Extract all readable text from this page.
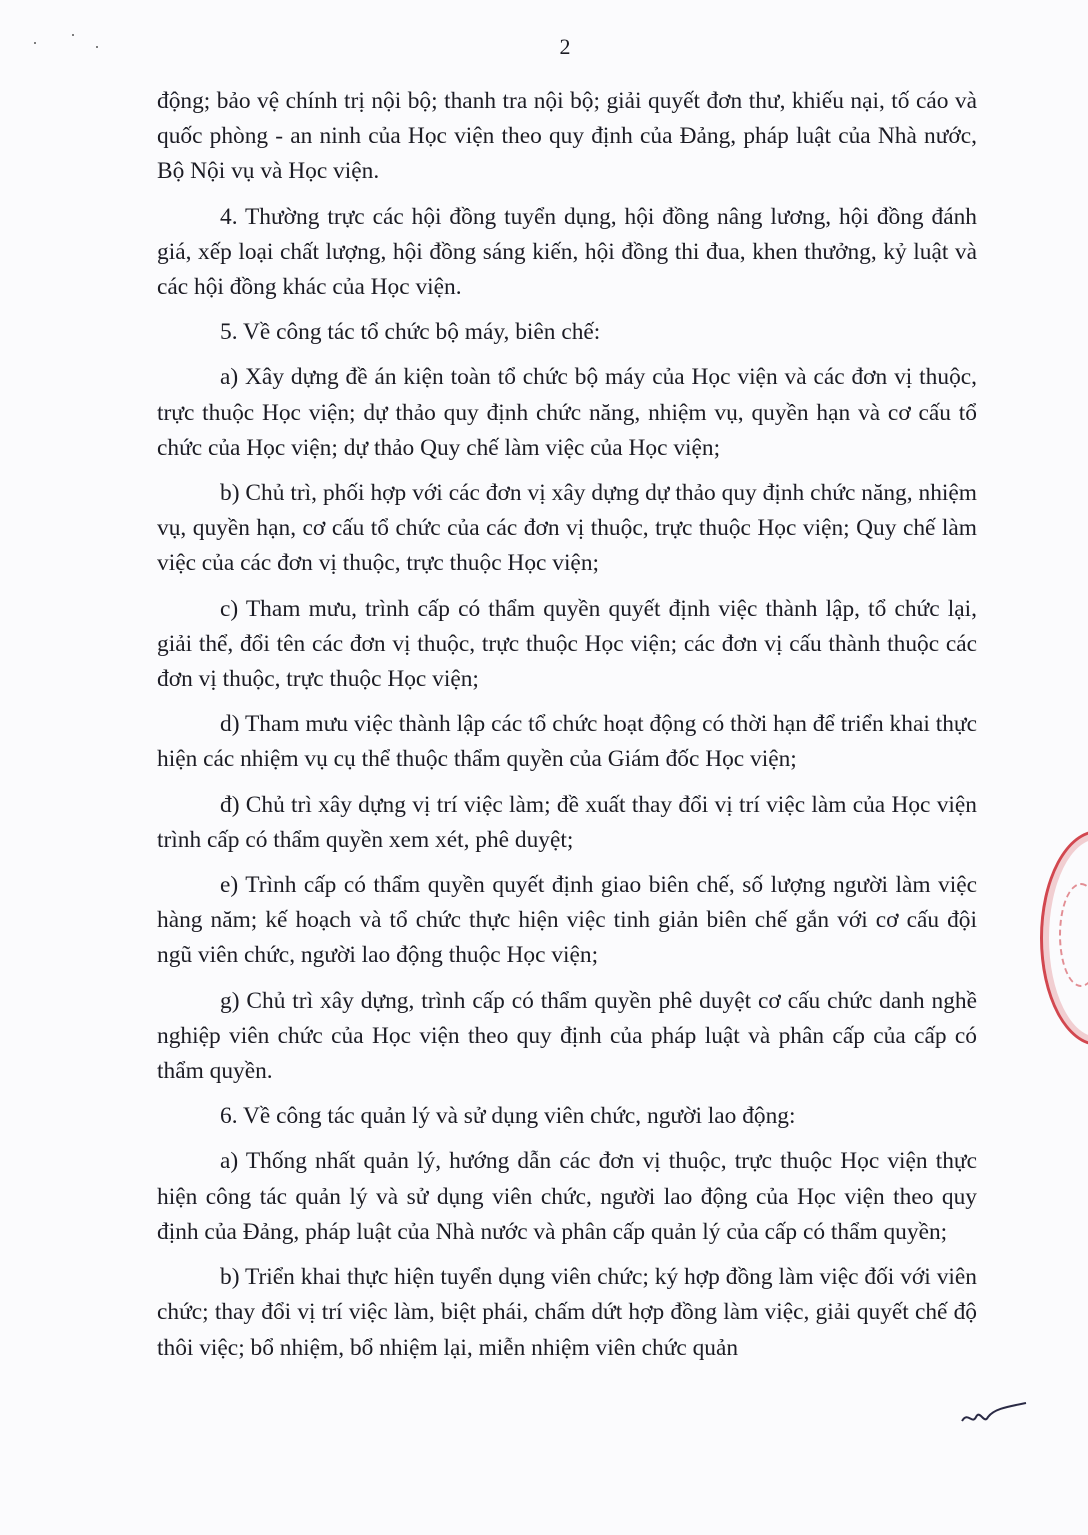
2

động; bảo vệ chính trị nội bộ; thanh tra nội bộ; giải quyết đơn thư, khiếu nại, tố cáo và quốc phòng - an ninh của Học viện theo quy định của Đảng, pháp luật của Nhà nước, Bộ Nội vụ và Học viện.

4. Thường trực các hội đồng tuyển dụng, hội đồng nâng lương, hội đồng đánh giá, xếp loại chất lượng, hội đồng sáng kiến, hội đồng thi đua, khen thưởng, kỷ luật và các hội đồng khác của Học viện.

5. Về công tác tổ chức bộ máy, biên chế:

a) Xây dựng đề án kiện toàn tổ chức bộ máy của Học viện và các đơn vị thuộc, trực thuộc Học viện; dự thảo quy định chức năng, nhiệm vụ, quyền hạn và cơ cấu tổ chức của Học viện; dự thảo Quy chế làm việc của Học viện;

b) Chủ trì, phối hợp với các đơn vị xây dựng dự thảo quy định chức năng, nhiệm vụ, quyền hạn, cơ cấu tổ chức của các đơn vị thuộc, trực thuộc Học viện; Quy chế làm việc của các đơn vị thuộc, trực thuộc Học viện;

c) Tham mưu, trình cấp có thẩm quyền quyết định việc thành lập, tổ chức lại, giải thể, đổi tên các đơn vị thuộc, trực thuộc Học viện; các đơn vị cấu thành thuộc các đơn vị thuộc, trực thuộc Học viện;

d) Tham mưu việc thành lập các tổ chức hoạt động có thời hạn để triển khai thực hiện các nhiệm vụ cụ thể thuộc thẩm quyền của Giám đốc Học viện;

đ) Chủ trì xây dựng vị trí việc làm; đề xuất thay đổi vị trí việc làm của Học viện trình cấp có thẩm quyền xem xét, phê duyệt;

e) Trình cấp có thẩm quyền quyết định giao biên chế, số lượng người làm việc hàng năm; kế hoạch và tổ chức thực hiện việc tinh giản biên chế gắn với cơ cấu đội ngũ viên chức, người lao động thuộc Học viện;

g) Chủ trì xây dựng, trình cấp có thẩm quyền phê duyệt cơ cấu chức danh nghề nghiệp viên chức của Học viện theo quy định của pháp luật và phân cấp của cấp có thẩm quyền.

6. Về công tác quản lý và sử dụng viên chức, người lao động:

a) Thống nhất quản lý, hướng dẫn các đơn vị thuộc, trực thuộc Học viện thực hiện công tác quản lý và sử dụng viên chức, người lao động của Học viện theo quy định của Đảng, pháp luật của Nhà nước và phân cấp quản lý của cấp có thẩm quyền;

b) Triển khai thực hiện tuyển dụng viên chức; ký hợp đồng làm việc đối với viên chức; thay đổi vị trí việc làm, biệt phái, chấm dứt hợp đồng làm việc, giải quyết chế độ thôi việc; bổ nhiệm, bổ nhiệm lại, miễn nhiệm viên chức quản
